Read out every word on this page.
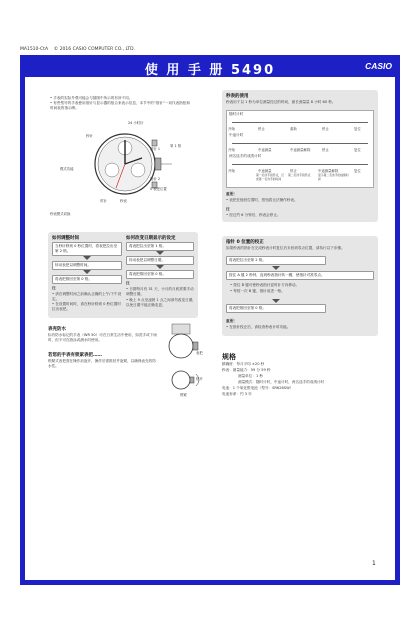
MA1510-CtA © 2016 CASIO COMPUTER CO., LTD.
使 用 手 册 5490	CASIO
• 手表的实际外观可能会与插图中所示的有所不同。
• 有些型号的手表使用指针与显示器的组合来表示信息，本节中的“指针”一词代表指钮和时间表的指示牌。
24 小时针
秒针
指针 1
第 1 格
模式功能
指针 2
0 表把位置
时针	秒表
秒表模式切换
秒表的使用
秒表用于以 1 秒为单位测量经过的时间，最长测量量 8 小时 60 秒。
随时计时
开始	停止	重新	停止	复位
中途计时
开始	中途测量	中途测量解除	停止	复位
两名选手的成绩计时
开始	中途测量	停止	中途测量解除	复位
第一名选手到终点，记录第一名选手的时间
第二名选手到终点	显示第二名选手的成绩时间
重要！
• 表把在缩回位置时，按钮将无法操作秒表。
注
• 经过约 6 分钟后，秒表会停止。
如何调整时间
当秒针移到 0 秒位置时，将表把拉出至第 2 格。
转动表把以调整时间。
将表把推回至第 0 格。
注
• 请在调整时间之前确认正确的上午/下午设定。
• 在设置时间时，请在秒针移到 0 秒位置时拉出表把。
如何改变日期显示的设定
将表把拉出至第 1 格。
转动表把以调整日期。
将表把推回至第 0 格。
注
• 日期每月有 31 天，小月的月底需要手动调整日期。
• 晚上 9 点至凌晨 1 点之间请勿改变日期，以免日期不能正确变更。
指针 0 位置的校正
如果秒表的指针在完成秒表计时复位后未回到零点位置，请执行以下步骤。
将表把拉出至第 2 格。
按住 A 键 2 秒钟，直到秒表指针转一圈，使指针对准零点。
• 按住 B 键可使秒表指针逆时针方向移动。
• 每按一次 B 键，指针前进一格。
将表把推回至第 0 格。
重要！
• 在指针校正后，请检查秒表计时功能。
表壳防水
标有防水标记的手表（WR 50）可在日常生活中使用，如洗手或下雨时，但不可在游泳或潜水时使用。
若您的手表有锁紧表把……
锁紧式表把需在操作前旋开，操作后需推回并旋紧，以确保表壳的防水性。
表把
松开
锁紧
规格
精确度：每月平均 ±20 秒
秒表：测量能力：59 分 59 秒
测量单位：1 秒
测量模式：随时计时，中途计时，两名选手的成绩计时
电池：1 个氧化银电池（型号：SR626SW）
电池寿命：约 3 年
1
